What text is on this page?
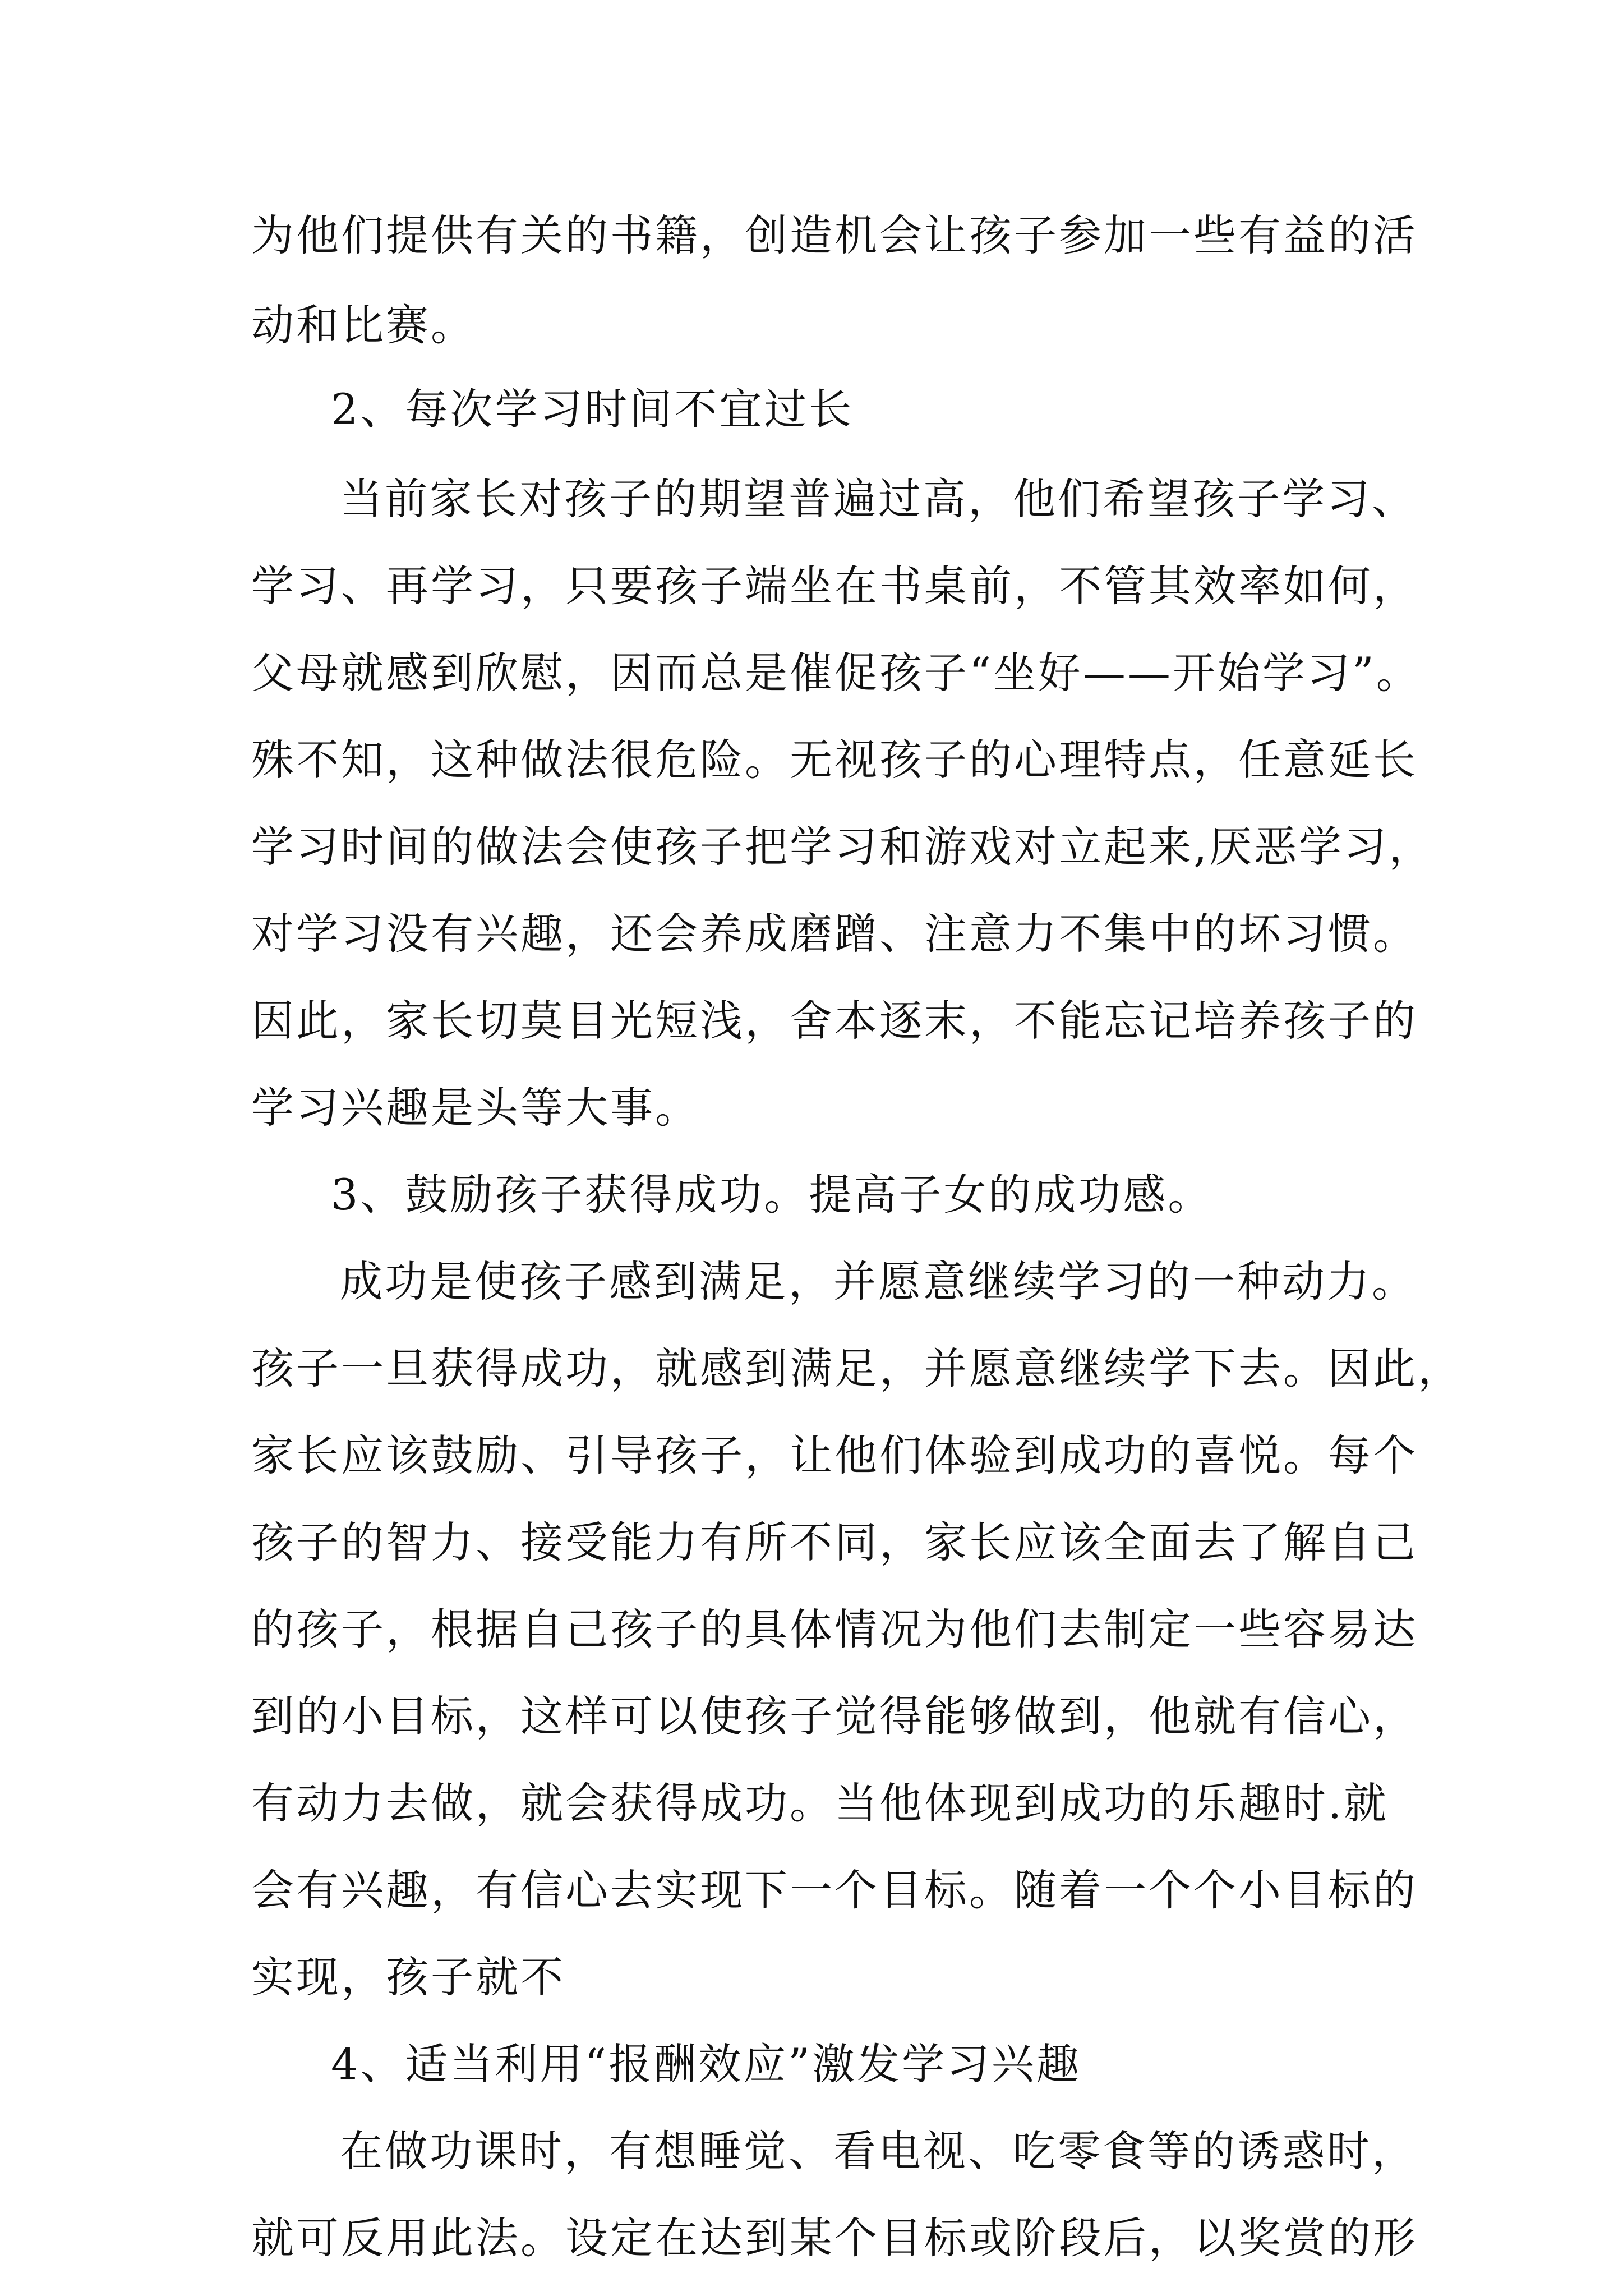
为他们提供有关的书籍，创造机会让孩子参加一些有益的活
动和比赛。
2、每次学习时间不宜过长
当前家长对孩子的期望普遍过高，他们希望孩子学习、
学习、再学习，只要孩子端坐在书桌前，不管其效率如何，
父母就感到欣慰，因而总是催促孩子“坐好——开始学习”。
殊不知，这种做法很危险。无视孩子的心理特点，任意延长
学习时间的做法会使孩子把学习和游戏对立起来,厌恶学习，
对学习没有兴趣，还会养成磨蹭、注意力不集中的坏习惯。
因此，家长切莫目光短浅，舍本逐末，不能忘记培养孩子的
学习兴趣是头等大事。
3、鼓励孩子获得成功。提高子女的成功感。
成功是使孩子感到满足，并愿意继续学习的一种动力。
孩子一旦获得成功，就感到满足，并愿意继续学下去。因此，
家长应该鼓励、引导孩子，让他们体验到成功的喜悦。每个
孩子的智力、接受能力有所不同，家长应该全面去了解自己
的孩子，根据自己孩子的具体情况为他们去制定一些容易达
到的小目标，这样可以使孩子觉得能够做到，他就有信心，
有动力去做，就会获得成功。当他体现到成功的乐趣时.就
会有兴趣，有信心去实现下一个目标。随着一个个小目标的
实现，孩子就不
4、适当利用“报酬效应”激发学习兴趣
在做功课时，有想睡觉、看电视、吃零食等的诱惑时，
就可反用此法。设定在达到某个目标或阶段后，以奖赏的形
